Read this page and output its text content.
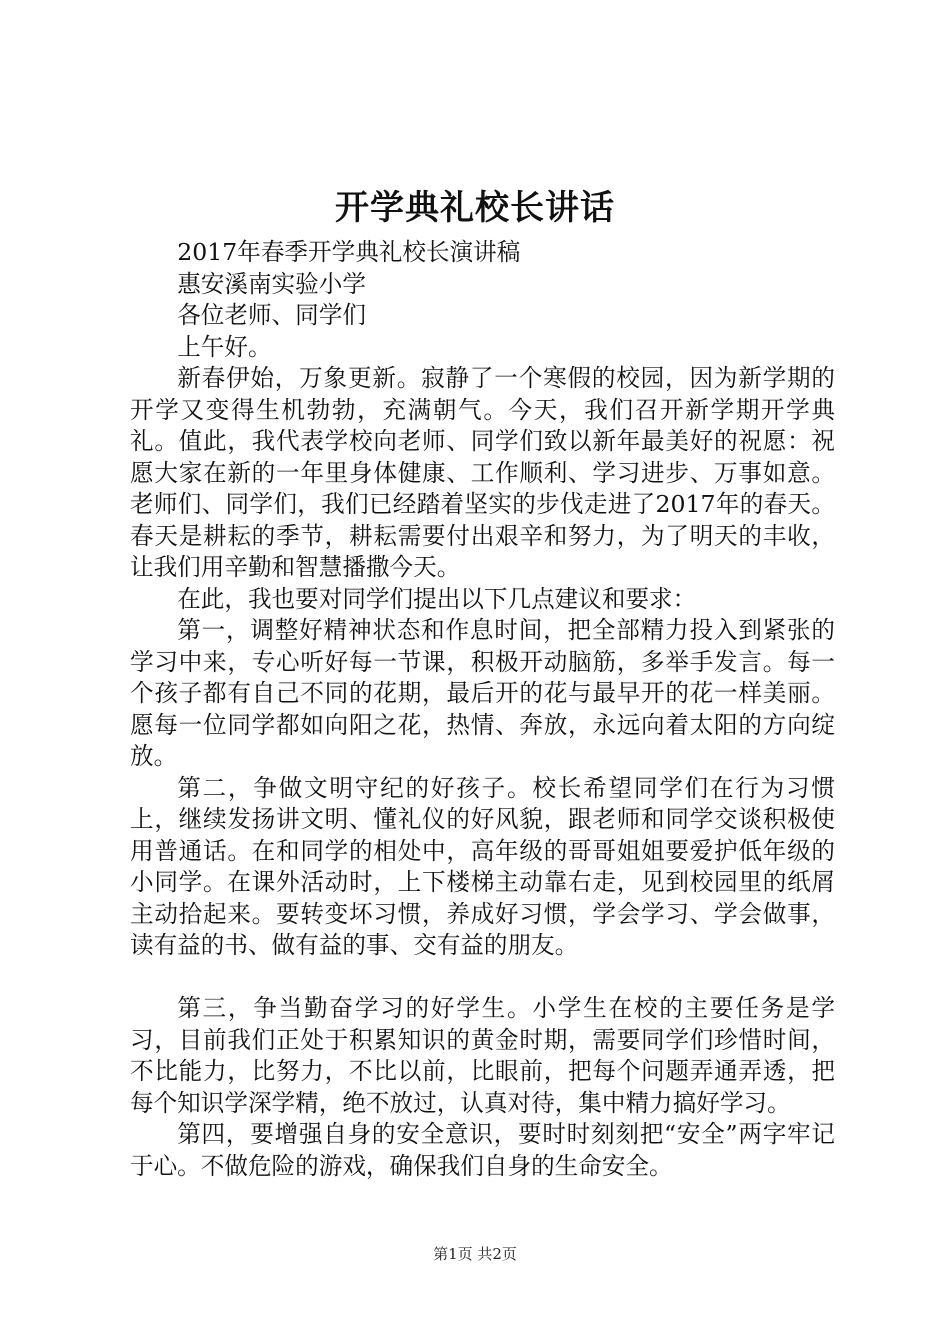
开学典礼校长讲话

2017年春季开学典礼校长演讲稿

惠安溪南实验小学

各位老师、同学们

上午好。

新春伊始，万象更新。寂静了一个寒假的校园，因为新学期的开学又变得生机勃勃，充满朝气。今天，我们召开新学期开学典礼。值此，我代表学校向老师、同学们致以新年最美好的祝愿：祝愿大家在新的一年里身体健康、工作顺利、学习进步、万事如意。老师们、同学们，我们已经踏着坚实的步伐走进了2017年的春天。春天是耕耘的季节，耕耘需要付出艰辛和努力，为了明天的丰收，让我们用辛勤和智慧播撒今天。

在此，我也要对同学们提出以下几点建议和要求：

第一，调整好精神状态和作息时间，把全部精力投入到紧张的学习中来，专心听好每一节课，积极开动脑筋，多举手发言。每一个孩子都有自己不同的花期，最后开的花与最早开的花一样美丽。愿每一位同学都如向阳之花，热情、奔放，永远向着太阳的方向绽放。

第二，争做文明守纪的好孩子。校长希望同学们在行为习惯上，继续发扬讲文明、懂礼仪的好风貌，跟老师和同学交谈积极使用普通话。在和同学的相处中，高年级的哥哥姐姐要爱护低年级的小同学。在课外活动时，上下楼梯主动靠右走，见到校园里的纸屑主动拾起来。要转变坏习惯，养成好习惯，学会学习、学会做事，读有益的书、做有益的事、交有益的朋友。

第三，争当勤奋学习的好学生。小学生在校的主要任务是学习，目前我们正处于积累知识的黄金时期，需要同学们珍惜时间，不比能力，比努力，不比以前，比眼前，把每个问题弄通弄透，把每个知识学深学精，绝不放过，认真对待，集中精力搞好学习。

第四，要增强自身的安全意识，要时时刻刻把“安全”两字牢记于心。不做危险的游戏，确保我们自身的生命安全。

第1页 共2页
